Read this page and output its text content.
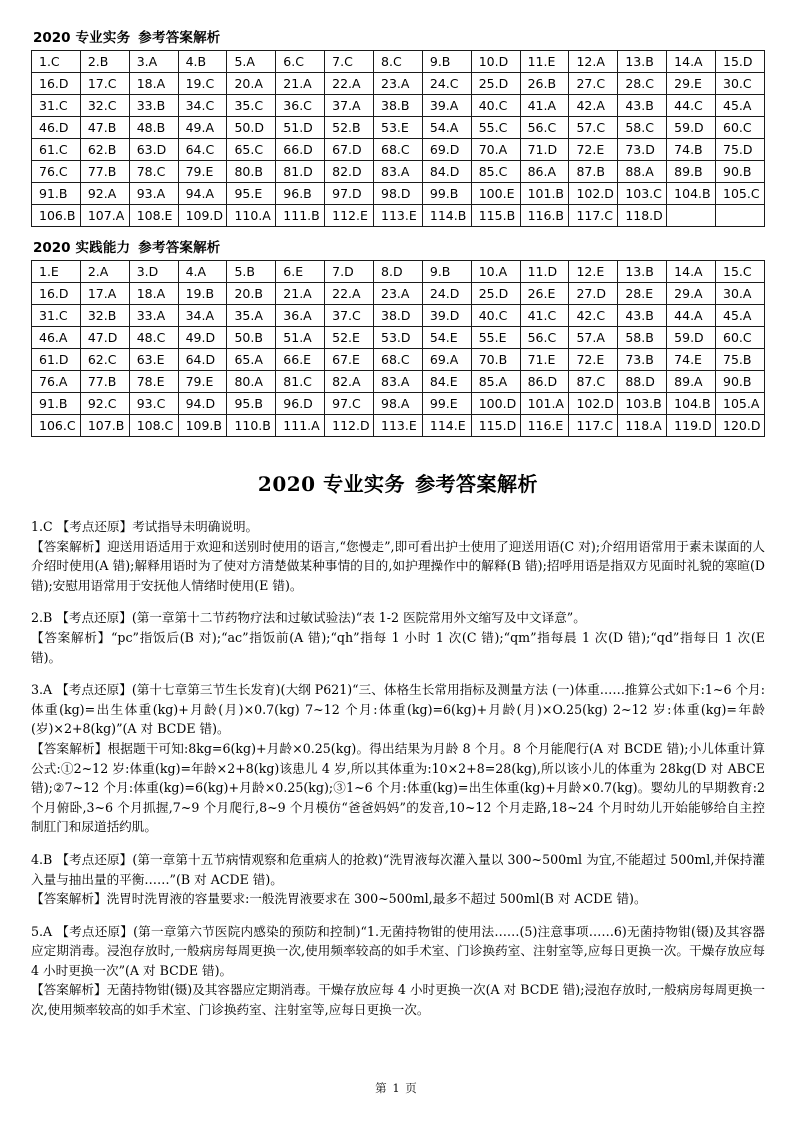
2020 专业实务 参考答案解析
1.C	2.B	3.A	4.B	5.A	6.C	7.C	8.C	9.B	10.D	11.E	12.A	13.B	14.A	15.D
16.D	17.C	18.A	19.C	20.A	21.A	22.A	23.A	24.C	25.D	26.B	27.C	28.C	29.E	30.C
31.C	32.C	33.B	34.C	35.C	36.C	37.A	38.B	39.A	40.C	41.A	42.A	43.B	44.C	45.A
46.D	47.B	48.B	49.A	50.D	51.D	52.B	53.E	54.A	55.C	56.C	57.C	58.C	59.D	60.C
61.C	62.B	63.D	64.C	65.C	66.D	67.D	68.C	69.D	70.A	71.D	72.E	73.D	74.B	75.D
76.C	77.B	78.C	79.E	80.B	81.D	82.D	83.A	84.D	85.C	86.A	87.B	88.A	89.B	90.B
91.B	92.A	93.A	94.A	95.E	96.B	97.D	98.D	99.B	100.E	101.B	102.D	103.C	104.B	105.C
106.B	107.A	108.E	109.D	110.A	111.B	112.E	113.E	114.B	115.B	116.B	117.C	118.D		
2020 实践能力 参考答案解析
1.E	2.A	3.D	4.A	5.B	6.E	7.D	8.D	9.B	10.A	11.D	12.E	13.B	14.A	15.C
16.D	17.A	18.A	19.B	20.B	21.A	22.A	23.A	24.D	25.D	26.E	27.D	28.E	29.A	30.A
31.C	32.B	33.A	34.A	35.A	36.A	37.C	38.D	39.D	40.C	41.C	42.C	43.B	44.A	45.A
46.A	47.D	48.C	49.D	50.B	51.A	52.E	53.D	54.E	55.E	56.C	57.A	58.B	59.D	60.C
61.D	62.C	63.E	64.D	65.A	66.E	67.E	68.C	69.A	70.B	71.E	72.E	73.B	74.E	75.B
76.A	77.B	78.E	79.E	80.A	81.C	82.A	83.A	84.E	85.A	86.D	87.C	88.D	89.A	90.B
91.B	92.C	93.C	94.D	95.B	96.D	97.C	98.A	99.E	100.D	101.A	102.D	103.B	104.B	105.A
106.C	107.B	108.C	109.B	110.B	111.A	112.D	113.E	114.E	115.D	116.E	117.C	118.A	119.D	120.D
2020 专业实务 参考答案解析

1.C 【考点还原】考试指导未明确说明。

【答案解析】迎送用语适用于欢迎和送别时使用的语言,“您慢走”,即可看出护士使用了迎送用语(C 对);介绍用语常用于素未谋面的人介绍时使用(A 错);解释用语时为了使对方清楚做某种事情的目的,如护理操作中的解释(B 错);招呼用语是指双方见面时礼貌的寒暄(D 错);安慰用语常用于安抚他人情绪时使用(E 错)。

2.B 【考点还原】(第一章第十二节药物疗法和过敏试验法)“表 1-2 医院常用外文缩写及中文译意”。

【答案解析】“pc”指饭后(B 对);“ac”指饭前(A 错);“qh”指每 1 小时 1 次(C 错);“qm”指每晨 1 次(D 错);“qd”指每日 1 次(E 错)。

3.A 【考点还原】(第十七章第三节生长发育)(大纲 P621)“三、体格生长常用指标及测量方法 (一)体重……推算公式如下:1~6 个月:体重(kg)=出生体重(kg)+月龄(月)×0.7(kg) 7~12 个月:体重(kg)=6(kg)+月龄(月)×O.25(kg) 2~12 岁:体重(kg)=年龄(岁)×2+8(kg)”(A 对 BCDE 错)。

【答案解析】根据题干可知:8kg=6(kg)+月龄×0.25(kg)。得出结果为月龄 8 个月。8 个月能爬行(A 对 BCDE 错);小儿体重计算公式:①2~12 岁:体重(kg)=年龄×2+8(kg)该患儿 4 岁,所以其体重为:10×2+8=28(kg),所以该小儿的体重为 28kg(D 对 ABCE 错);②7~12 个月:体重(kg)=6(kg)+月龄×0.25(kg);③1~6 个月:体重(kg)=出生体重(kg)+月龄×0.7(kg)。婴幼儿的早期教育:2 个月俯卧,3~6 个月抓握,7~9 个月爬行,8~9 个月模仿“爸爸妈妈”的发音,10~12 个月走路,18~24 个月时幼儿开始能够给自主控制肛门和尿道括约肌。

4.B 【考点还原】(第一章第十五节病情观察和危重病人的抢救)“洗胃液每次灌入量以 300~500ml 为宜,不能超过 500ml,并保持灌入量与抽出量的平衡……”(B 对 ACDE 错)。

【答案解析】洗胃时洗胃液的容量要求:一般洗胃液要求在 300~500ml,最多不超过 500ml(B 对 ACDE 错)。

5.A 【考点还原】(第一章第六节医院内感染的预防和控制)“1.无菌持物钳的使用法……(5)注意事项……6)无菌持物钳(镊)及其容器应定期消毒。浸泡存放时,一般病房每周更换一次,使用频率较高的如手术室、门诊换药室、注射室等,应每日更换一次。干燥存放应每 4 小时更换一次”(A 对 BCDE 错)。

【答案解析】无菌持物钳(镊)及其容器应定期消毒。干燥存放应每 4 小时更换一次(A 对 BCDE 错);浸泡存放时,一般病房每周更换一次,使用频率较高的如手术室、门诊换药室、注射室等,应每日更换一次。

第 1 页
